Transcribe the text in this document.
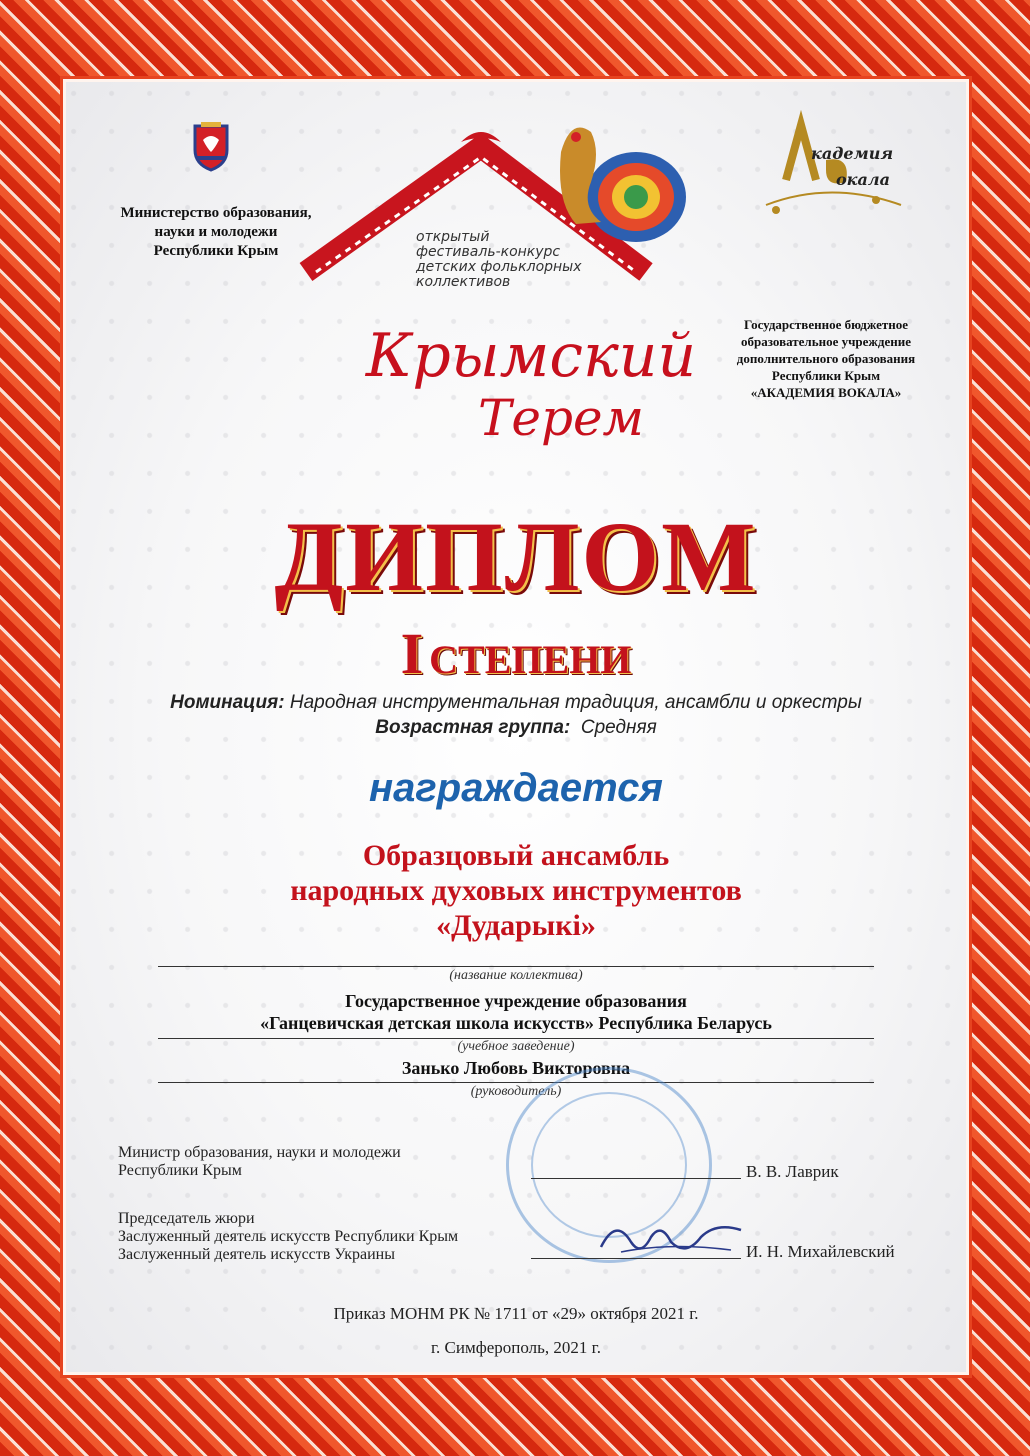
Министерство образования,
науки и молодежи
Республики Крым
открытый
фестиваль-конкурс
детских фольклорных
коллективов
Крымский
Терем
кадемия
окала
Государственное бюджетное
образовательное учреждение
дополнительного образования
Республики Крым
«АКАДЕМИЯ ВОКАЛА»
ДИПЛОМ
I СТЕПЕНИ
Номинация: Народная инструментальная традиция, ансамбли и оркестры
Возрастная группа: Средняя
награждается
Образцовый ансамбль
народных духовых инструментов
«Дударыкі»
(название коллектива)
Государственное учреждение образования
«Ганцевичская детская школа искусств» Республика Беларусь
(учебное заведение)
Занько Любовь Викторовна
(руководитель)
Министр образования, науки и молодежи
Республики Крым	В. В. Лаврик
Председатель жюри
Заслуженный деятель искусств Республики Крым
Заслуженный деятель искусств Украины	И. Н. Михайлевский
Приказ МОНМ РК № 1711 от «29» октября 2021 г.
г. Симферополь, 2021 г.
